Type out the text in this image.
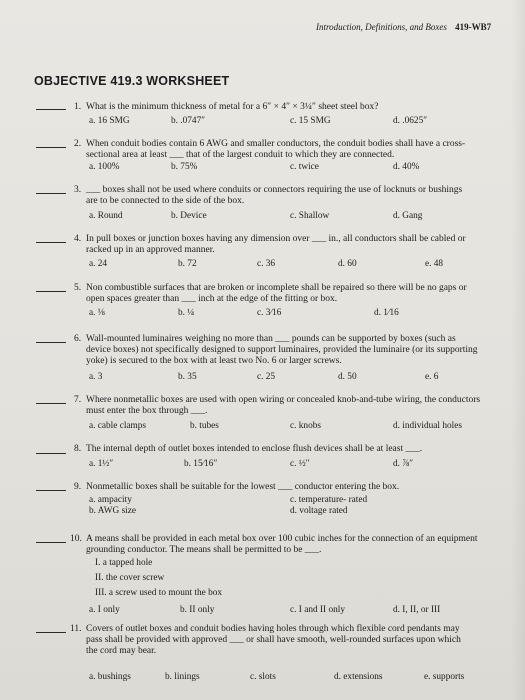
Introduction, Definitions, and Boxes 419-WB7
OBJECTIVE 419.3 WORKSHEET
1. What is the minimum thickness of metal for a 6″ × 4″ × 3¼″ sheet steel box?

a. 16 SMG	b. .0747″	c. 15 SMG	d. .0625″
2. When conduit bodies contain 6 AWG and smaller conductors, the conduit bodies shall have a cross-

sectional area at least ___ that of the largest conduit to which they are connected.

a. 100%	b. 75%	c. twice	d. 40%
3. ___ boxes shall not be used where conduits or connectors requiring the use of locknuts or bushings

are to be connected to the side of the box.

a. Round	b. Device	c. Shallow	d. Gang
4. In pull boxes or junction boxes having any dimension over ___ in., all conductors shall be cabled or

racked up in an approved manner.

a. 24	b. 72	c. 36	d. 60	e. 48
5. Non combustible surfaces that are broken or incomplete shall be repaired so there will be no gaps or

open spaces greater than ___ inch at the edge of the fitting or box.

a. ⅛	b. ¼	c. 3⁄16	d. 1⁄16
6. Wall-mounted luminaires weighing no more than ___ pounds can be supported by boxes (such as

device boxes) not specifically designed to support luminaires, provided the luminaire (or its supporting

yoke) is secured to the box with at least two No. 6 or larger screws.

a. 3	b. 35	c. 25	d. 50	e. 6
7. Where nonmetallic boxes are used with open wiring or concealed knob-and-tube wiring, the conductors

must enter the box through ___.

a. cable clamps	b. tubes	c. knobs	d. individual holes
8. The internal depth of outlet boxes intended to enclose flush devices shall be at least ___.

a. 1½″	b. 15⁄16″	c. ½″	d. ⅞″
9. Nonmetallic boxes shall be suitable for the lowest ___ conductor entering the box.

a. ampacity
b. AWG size
c. temperature- rated
d. voltage rated
10. A means shall be provided in each metal box over 100 cubic inches for the connection of an equipment

grounding conductor. The means shall be permitted to be ___.

I. a tapped hole
II. the cover screw
III. a screw used to mount the box
a. I only	b. II only	c. I and II only	d. I, II, or III
11. Covers of outlet boxes and conduit bodies having holes through which flexible cord pendants may

pass shall be provided with approved ___ or shall have smooth, well-rounded surfaces upon which

the cord may bear.

a. bushings	b. linings	c. slots	d. extensions	e. supports
